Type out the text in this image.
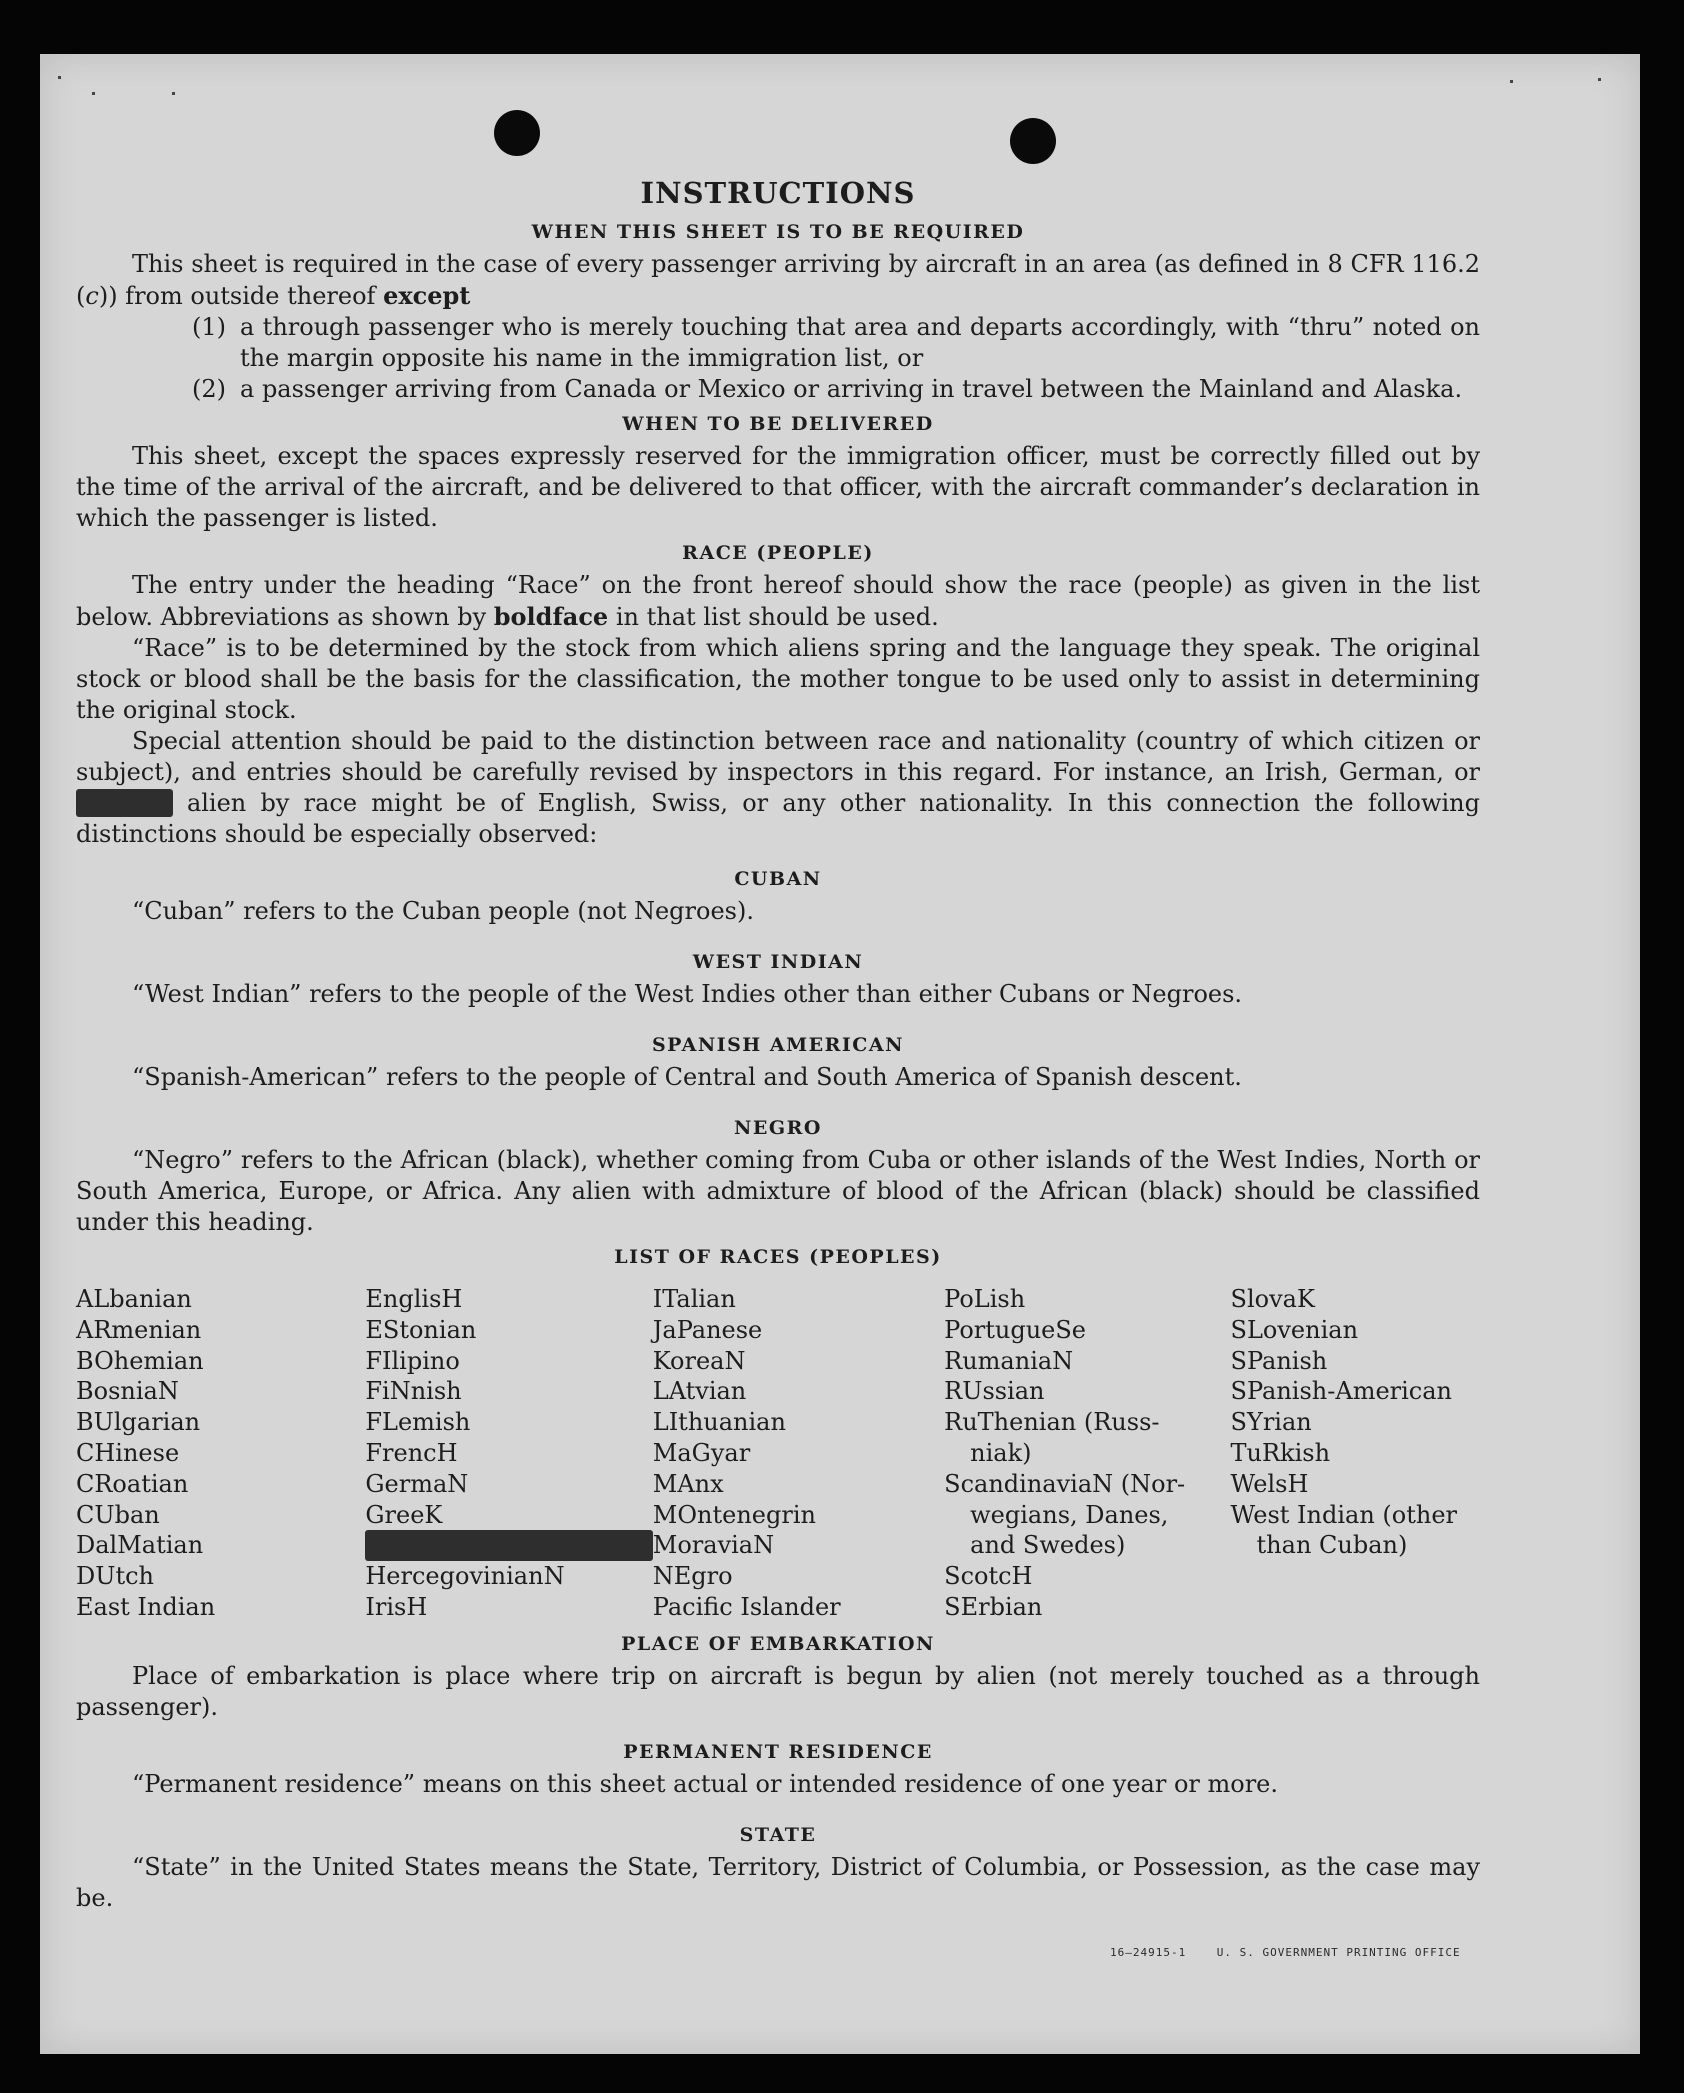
INSTRUCTIONS
WHEN THIS SHEET IS TO BE REQUIRED

This sheet is required in the case of every passenger arriving by aircraft in an area (as defined in 8 CFR 116.2 (c)) from outside thereof except

(1) a through passenger who is merely touching that area and departs accordingly, with “thru” noted on the margin opposite his name in the immigration list, or
(2) a passenger arriving from Canada or Mexico or arriving in travel between the Mainland and Alaska.
WHEN TO BE DELIVERED

This sheet, except the spaces expressly reserved for the immigration officer, must be correctly filled out by the time of the arrival of the aircraft, and be delivered to that officer, with the aircraft commander’s declaration in which the passenger is listed.

RACE (PEOPLE)

The entry under the heading “Race” on the front hereof should show the race (people) as given in the list below. Abbreviations as shown by boldface in that list should be used.

“Race” is to be determined by the stock from which aliens spring and the language they speak. The original stock or blood shall be the basis for the classification, the mother tongue to be used only to assist in determining the original stock.

Special attention should be paid to the distinction between race and nationality (country of which citizen or subject), and entries should be carefully revised by inspectors in this regard. For instance, an Irish, German, or alien by race might be of English, Swiss, or any other nationality. In this connection the following distinctions should be especially observed:

CUBAN

“Cuban” refers to the Cuban people (not Negroes).

WEST INDIAN

“West Indian” refers to the people of the West Indies other than either Cubans or Negroes.

SPANISH AMERICAN

“Spanish-American” refers to the people of Central and South America of Spanish descent.

NEGRO

“Negro” refers to the African (black), whether coming from Cuba or other islands of the West Indies, North or South America, Europe, or Africa. Any alien with admixture of blood of the African (black) should be classified under this heading.

LIST OF RACES (PEOPLES)
ALbanian
ARmenian
BOhemian
BosniaN
BUlgarian
CHinese
CRoatian
CUban
DalMatian
DUtch
East Indian
EnglisH
EStonian
FIlipino
FiNnish
FLemish
FrencH
GermaN
GreeK
HercegovinianN
IrisH
ITalian
JaPanese
KoreaN
LAtvian
LIthuanian
MaGyar
MAnx
MOntenegrin
MoraviaN
NEgro
Pacific Islander
PoLish
PortugueSe
RumaniaN
RUssian
RuThenian (Russ-
niak)
ScandinaviaN (Nor-
wegians, Danes,
and Swedes)
ScotcH
SErbian
SlovaK
SLovenian
SPanish
SPanish-American
SYrian
TuRkish
WelsH
West Indian (other
than Cuban)
PLACE OF EMBARKATION

Place of embarkation is place where trip on aircraft is begun by alien (not merely touched as a through passenger).

PERMANENT RESIDENCE

“Permanent residence” means on this sheet actual or intended residence of one year or more.

STATE

“State” in the United States means the State, Territory, District of Columbia, or Possession, as the case may be.

16—24915-1	U. S. GOVERNMENT PRINTING OFFICE
